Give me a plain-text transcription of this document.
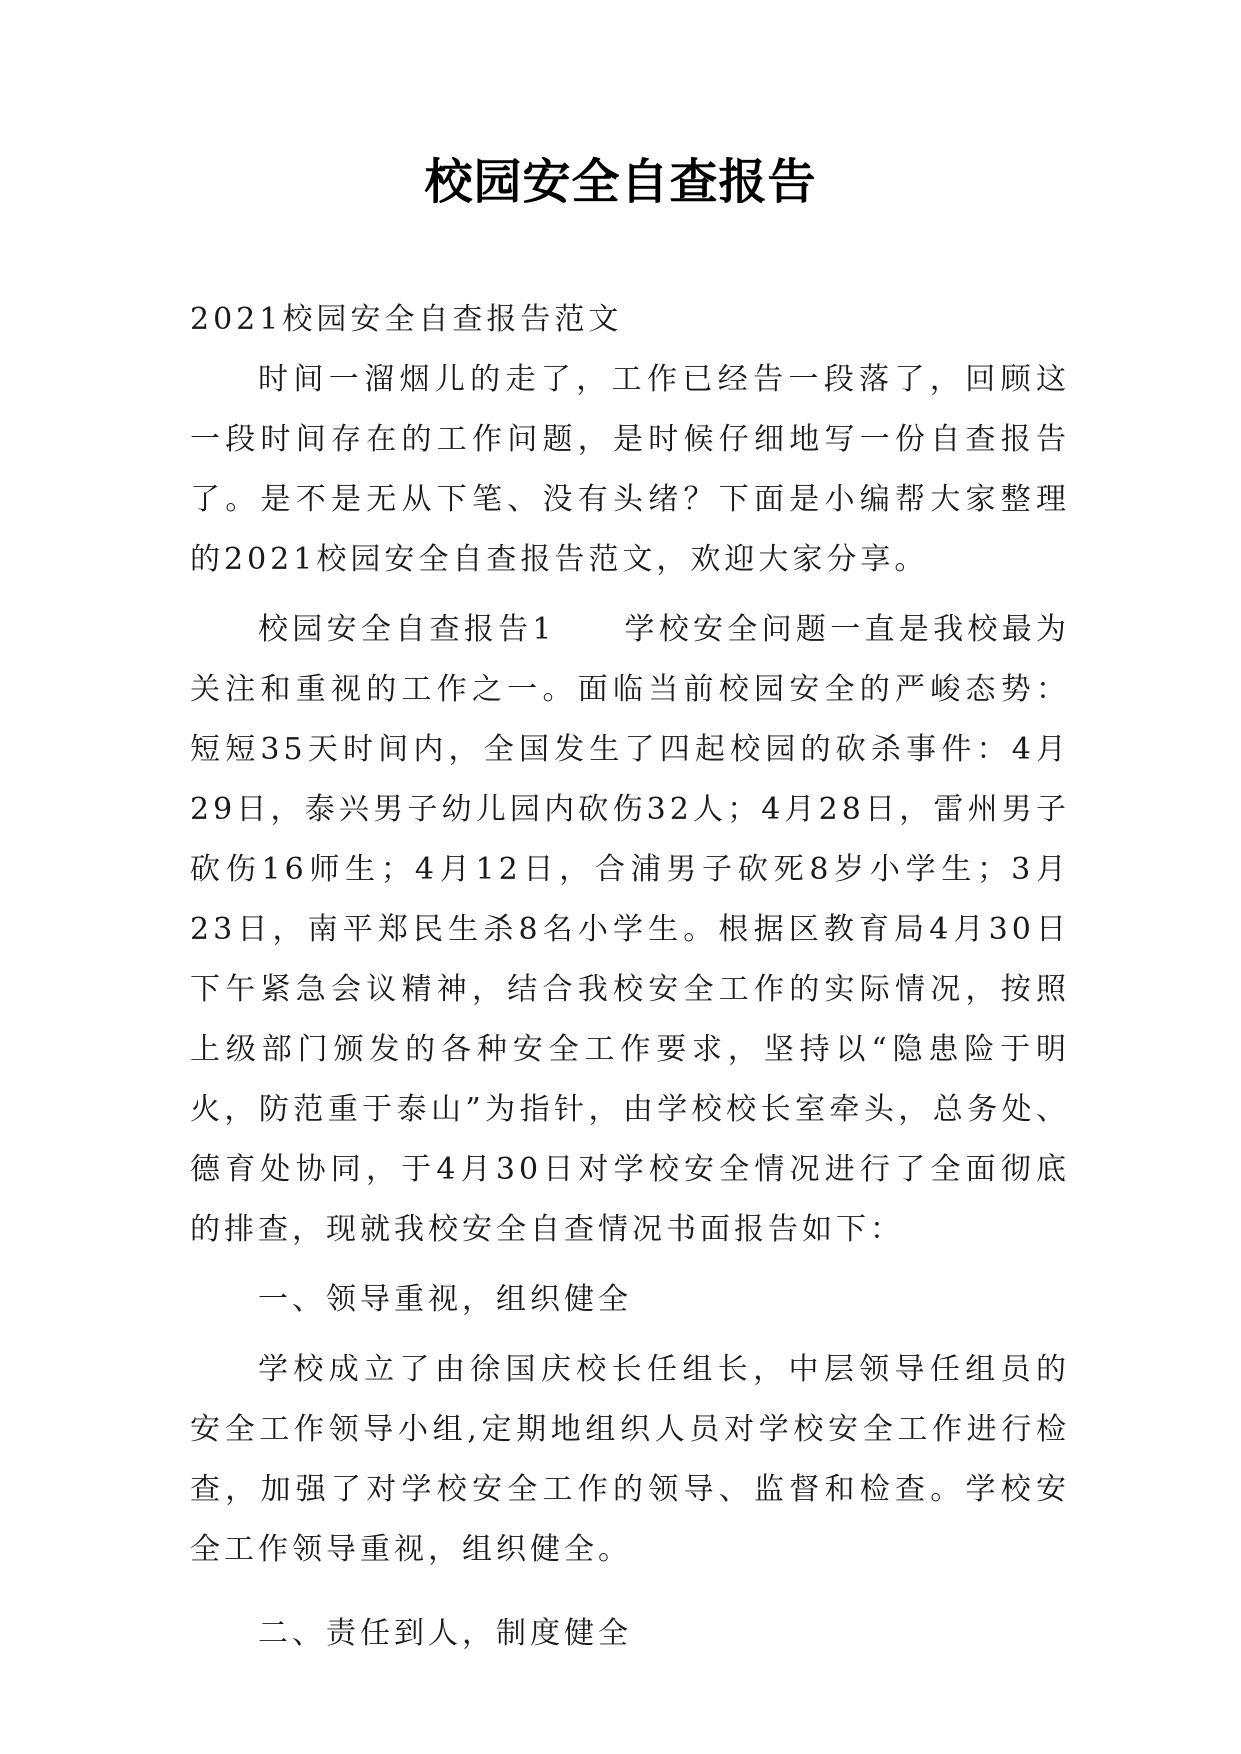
校园安全自查报告

2021校园安全自查报告范文

时间一溜烟儿的走了，工作已经告一段落了，回顾这一段时间存在的工作问题，是时候仔细地写一份自查报告了。是不是无从下笔、没有头绪？下面是小编帮大家整理的2021校园安全自查报告范文，欢迎大家分享。

校园安全自查报告1　　学校安全问题一直是我校最为关注和重视的工作之一。面临当前校园安全的严峻态势：短短35天时间内，全国发生了四起校园的砍杀事件：4月29日，泰兴男子幼儿园内砍伤32人；4月28日，雷州男子砍伤16师生；4月12日，合浦男子砍死8岁小学生；3月23日，南平郑民生杀8名小学生。根据区教育局4月30日下午紧急会议精神，结合我校安全工作的实际情况，按照上级部门颁发的各种安全工作要求，坚持以“隐患险于明火，防范重于泰山”为指针，由学校校长室牵头，总务处、德育处协同，于4月30日对学校安全情况进行了全面彻底的排查，现就我校安全自查情况书面报告如下：

一、领导重视，组织健全

学校成立了由徐国庆校长任组长，中层领导任组员的安全工作领导小组,定期地组织人员对学校安全工作进行检查，加强了对学校安全工作的领导、监督和检查。学校安全工作领导重视，组织健全。

二、责任到人，制度健全
